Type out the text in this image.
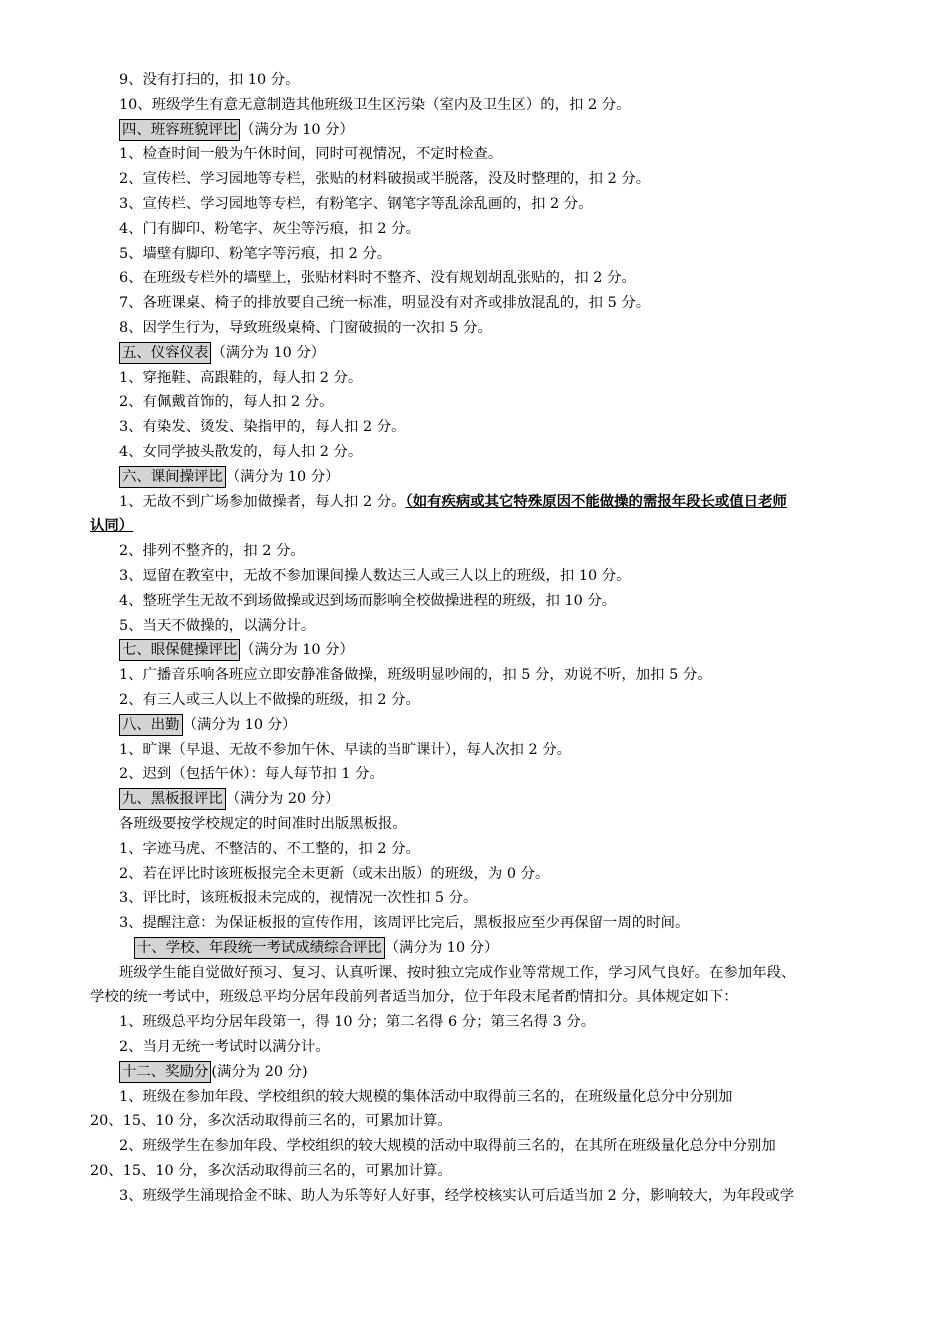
9、没有打扫的，扣 10 分。
10、班级学生有意无意制造其他班级卫生区污染（室内及卫生区）的，扣 2 分。
四、班容班貌评比 （满分为 10 分）
1、检查时间一般为午休时间，同时可视情况，不定时检查。
2、宣传栏、学习园地等专栏，张贴的材料破损或半脱落，没及时整理的，扣 2 分。
3、宣传栏、学习园地等专栏，有粉笔字、钢笔字等乱涂乱画的，扣 2 分。
4、门有脚印、粉笔字、灰尘等污痕，扣 2 分。
5、墙壁有脚印、粉笔字等污痕，扣 2 分。
6、在班级专栏外的墙壁上，张贴材料时不整齐、没有规划胡乱张贴的，扣 2 分。
7、各班课桌、椅子的排放要自己统一标准，明显没有对齐或排放混乱的，扣 5 分。
8、因学生行为，导致班级桌椅、门窗破损的一次扣 5 分。
五、仪容仪表 （满分为 10 分）
1、穿拖鞋、高跟鞋的，每人扣 2 分。
2、有佩戴首饰的，每人扣 2 分。
3、有染发、烫发、染指甲的，每人扣 2 分。
4、女同学披头散发的，每人扣 2 分。
六、课间操评比 （满分为 10 分）
1、无故不到广场参加做操者，每人扣 2 分。（如有疾病或其它特殊原因不能做操的需报年段长或值日老师
认同）
2、排列不整齐的，扣 2 分。
3、逗留在教室中，无故不参加课间操人数达三人或三人以上的班级，扣 10 分。
4、整班学生无故不到场做操或迟到场而影响全校做操进程的班级，扣 10 分。
5、当天不做操的，以满分计。
七、眼保健操评比 （满分为 10 分）
1、广播音乐响各班应立即安静准备做操，班级明显吵闹的，扣 5 分，劝说不听，加扣 5 分。
2、有三人或三人以上不做操的班级，扣 2 分。
八、出勤 （满分为 10 分）
1、旷课（早退、无故不参加午休、早读的当旷课计），每人次扣 2 分。
2、迟到（包括午休）：每人每节扣 1 分。
九、黑板报评比 （满分为 20 分）
各班级要按学校规定的时间准时出版黑板报。
1、字迹马虎、不整洁的、不工整的，扣 2 分。
2、若在评比时该班板报完全未更新（或未出版）的班级，为 0 分。
3、评比时，该班板报未完成的，视情况一次性扣 5 分。
3、提醒注意：为保证板报的宣传作用，该周评比完后，黑板报应至少再保留一周的时间。
十、学校、年段统一考试成绩综合评比 （满分为 10 分）
班级学生能自觉做好预习、复习、认真听课、按时独立完成作业等常规工作，学习风气良好。在参加年段、
学校的统一考试中，班级总平均分居年段前列者适当加分，位于年段末尾者酌情扣分。具体规定如下：
1、班级总平均分居年段第一，得 10 分；第二名得 6 分；第三名得 3 分。
2、当月无统一考试时以满分计。
十二、奖励分 (满分为 20 分)
1、班级在参加年段、学校组织的较大规模的集体活动中取得前三名的，在班级量化总分中分别加
20、15、10 分，多次活动取得前三名的，可累加计算。
2、班级学生在参加年段、学校组织的较大规模的活动中取得前三名的，在其所在班级量化总分中分别加
20、15、10 分，多次活动取得前三名的，可累加计算。
3、班级学生涌现拾金不昧、助人为乐等好人好事，经学校核实认可后适当加 2 分，影响较大，为年段或学
